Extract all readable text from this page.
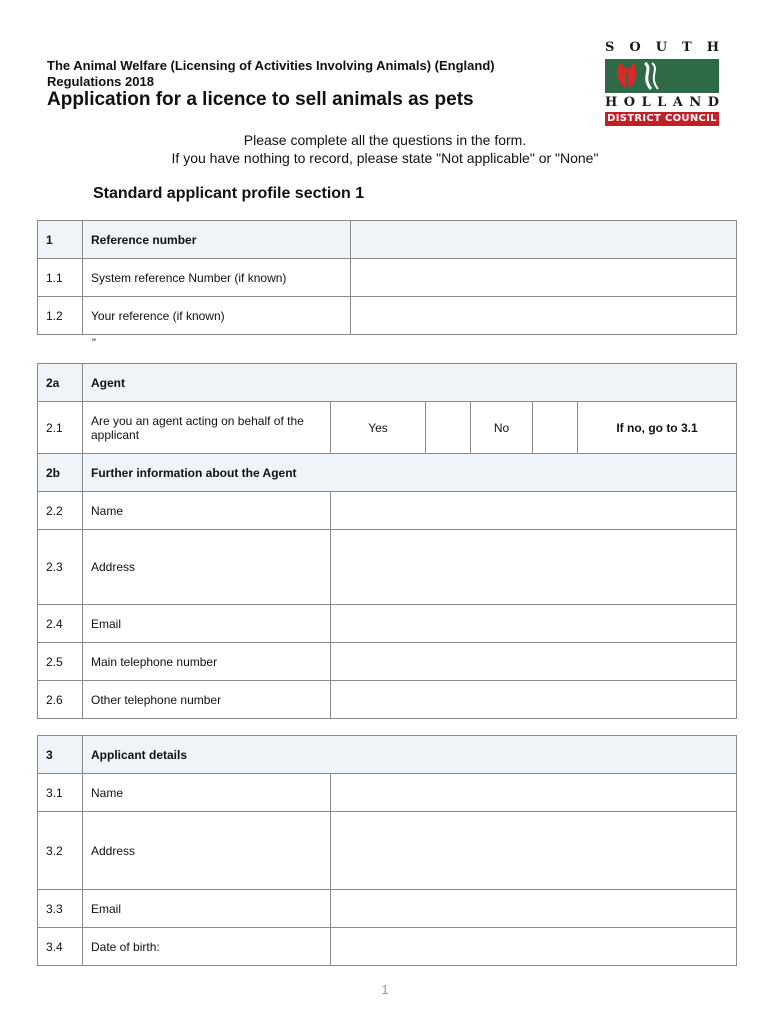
The Animal Welfare (Licensing of Activities Involving Animals) (England) Regulations 2018
Application for a licence to sell animals as pets
S O U T H
H O L L A N D
DISTRICT COUNCIL
Please complete all the questions in the form.
If you have nothing to record, please state "Not applicable" or "None"
Standard applicant profile section 1
1	Reference number	
1.1	System reference Number (if known)	
1.2	Your reference (if known)	
"
2a	Agent					
2.1	Are you an agent acting on behalf of the applicant	Yes		No		If no, go to 3.1
2b	Further information about the Agent					
2.2	Name					
2.3	Address					
2.4	Email					
2.5	Main telephone number					
2.6	Other telephone number					
3	Applicant details	
3.1	Name	
3.2	Address	
3.3	Email	
3.4	Date of birth:	
1
